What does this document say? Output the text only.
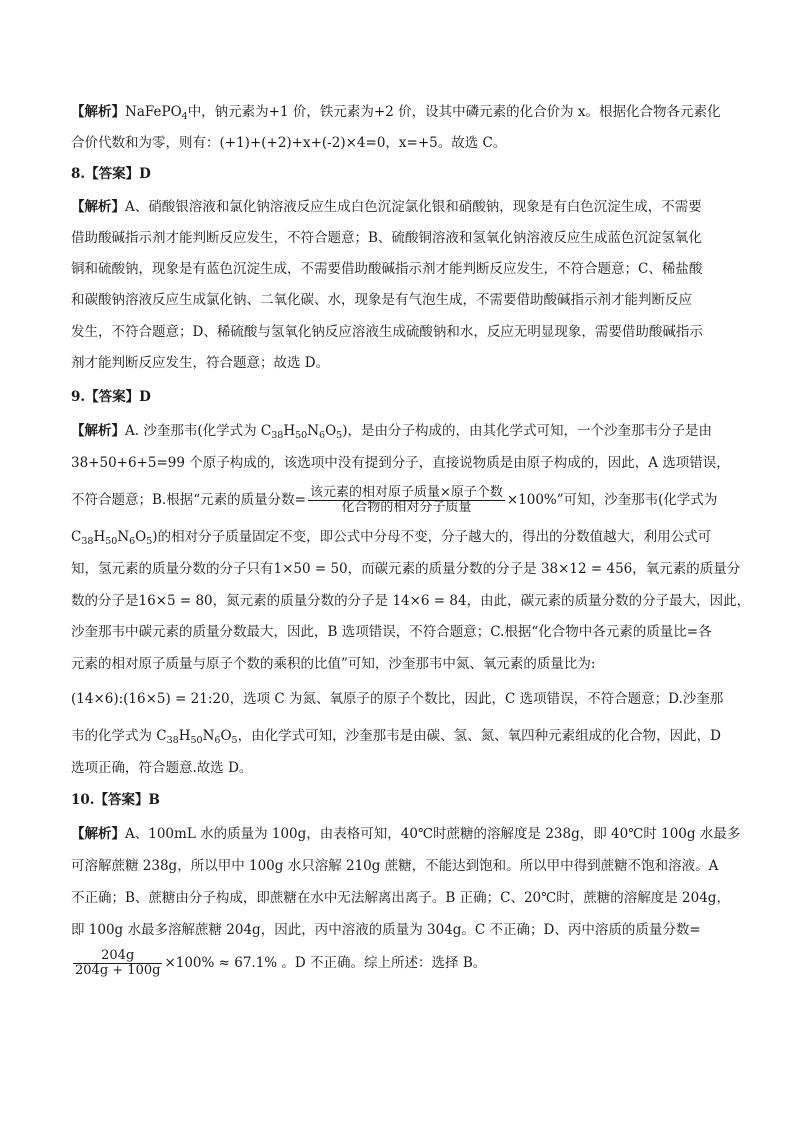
【解析】NaFePO$_4$中，钠元素为+1 价，铁元素为+2 价，设其中磷元素的化合价为 x。根据化合物各元素化
合价代数和为零，则有：(+1)+(+2)+x+(-2)×4=0，x=+5。故选 C。
8.【答案】D
【解析】A、硝酸银溶液和氯化钠溶液反应生成白色沉淀氯化银和硝酸钠，现象是有白色沉淀生成，不需要
借助酸碱指示剂才能判断反应发生，不符合题意；B、硫酸铜溶液和氢氧化钠溶液反应生成蓝色沉淀氢氧化
铜和硫酸钠，现象是有蓝色沉淀生成，不需要借助酸碱指示剂才能判断反应发生，不符合题意；C、稀盐酸
和碳酸钠溶液反应生成氯化钠、二氧化碳、水，现象是有气泡生成，不需要借助酸碱指示剂才能判断反应
发生，不符合题意；D、稀硫酸与氢氧化钠反应溶液生成硫酸钠和水，反应无明显现象，需要借助酸碱指示
剂才能判断反应发生，符合题意；故选 D。
9.【答案】D
【解析】A. 沙奎那韦(化学式为 $C_{38}H_{50}N_6O_5$)，是由分子构成的，由其化学式可知，一个沙奎那韦分子是由
38+50+6+5=99 个原子构成的，该选项中没有提到分子，直接说物质是由原子构成的，因此，A 选项错误，
不符合题意；B.根据“元素的质量分数= $\frac{\text{该元素的相对原子质量×原子个数}}{\text{化合物的相对分子质量}} \times 100\%$”可知，沙奎那韦(化学式为
$C_{38}H_{50}N_6O_5$)的相对分子质量固定不变，即公式中分母不变，分子越大的，得出的分数值越大，利用公式可
知，氢元素的质量分数的分子只有1×50 = 50，而碳元素的质量分数的分子是 38×12 = 456，氧元素的质量分
数的分子是16×5 = 80，氮元素的质量分数的分子是 14×6 = 84，由此，碳元素的质量分数的分子最大，因此，
沙奎那韦中碳元素的质量分数最大，因此，B 选项错误，不符合题意；C.根据“化合物中各元素的质量比=各
元素的相对原子质量与原子个数的乘积的比值”可知，沙奎那韦中氮、氧元素的质量比为:
(14×6):(16×5) = 21:20，选项 C 为氮、氧原子的原子个数比，因此，C 选项错误，不符合题意；D.沙奎那
韦的化学式为 $C_{38}H_{50}N_6O_5$，由化学式可知，沙奎那韦是由碳、氢、氮、氧四种元素组成的化合物，因此，D
选项正确，符合题意.故选 D。
10.【答案】B
【解析】A、100mL 水的质量为 100g，由表格可知，40℃时蔗糖的溶解度是 238g，即 40℃时 100g 水最多
可溶解蔗糖 238g，所以甲中 100g 水只溶解 210g 蔗糖，不能达到饱和。所以甲中得到蔗糖不饱和溶液。A
不正确；B、蔗糖由分子构成，即蔗糖在水中无法解离出离子。B 正确；C、20℃时，蔗糖的溶解度是 204g，
即 100g 水最多溶解蔗糖 204g，因此，丙中溶液的质量为 304g。C 不正确；D、丙中溶质的质量分数=
$\frac{204g}{204g + 100g} \times 100\% \approx 67.1\%$ 。D 不正确。综上所述：选择 B。
